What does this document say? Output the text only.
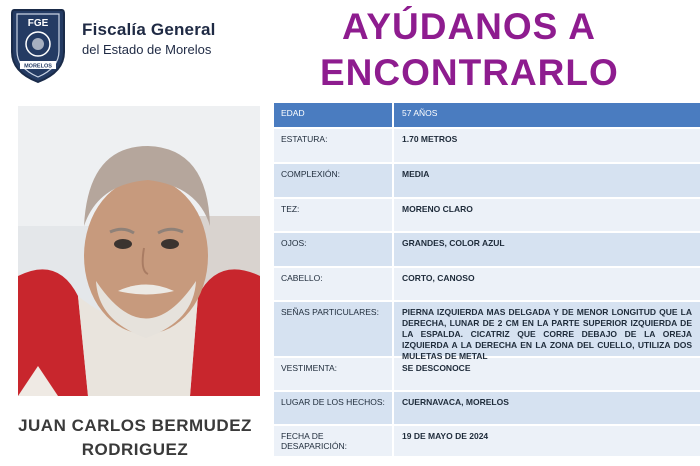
FGE
MORELOS
Fiscalía General
del Estado de Morelos
AYÚDANOS A
ENCONTRARLO
JUAN CARLOS BERMUDEZ
RODRIGUEZ
EDAD	57 AÑOS
ESTATURA:	1.70 METROS
COMPLEXIÓN:	MEDIA
TEZ:	MORENO CLARO
OJOS:	GRANDES, COLOR AZUL
CABELLO:	CORTO, CANOSO
SEÑAS PARTICULARES:	PIERNA IZQUIERDA MAS DELGADA Y DE MENOR LONGITUD QUE LA DERECHA, LUNAR DE 2 CM EN LA PARTE SUPERIOR IZQUIERDA DE LA ESPALDA. CICATRIZ QUE CORRE DEBAJO DE LA OREJA IZQUIERDA A LA DERECHA EN LA ZONA DEL CUELLO, UTILIZA DOS MULETAS DE METAL
VESTIMENTA:	SE DESCONOCE
LUGAR DE LOS HECHOS:	CUERNAVACA, MORELOS
FECHA DE DESAPARICIÓN:
19 DE MAYO DE 2024
